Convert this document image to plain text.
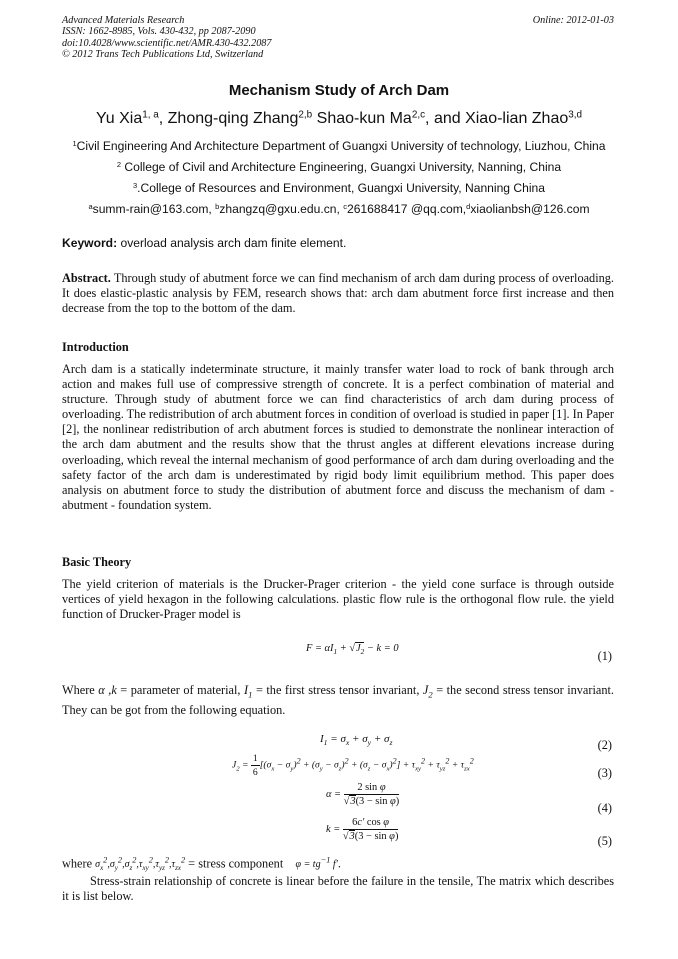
Advanced Materials Research
ISSN: 1662-8985, Vols. 430-432, pp 2087-2090
doi:10.4028/www.scientific.net/AMR.430-432.2087
© 2012 Trans Tech Publications Ltd, Switzerland
Online: 2012-01-03
Mechanism Study of Arch Dam
Yu Xia$^{1, a}$, Zhong-qing Zhang$^{2,b}$ Shao-kun Ma$^{2,c}$, and Xiao-lian Zhao$^{3,d}$
$^1$Civil Engineering And Architecture Department of Guangxi University of technology, Liuzhou, China
$^2$ College of Civil and Architecture Engineering, Guangxi University, Nanning, China
$^3$.College of Resources and Environment, Guangxi University, Nanning China
$^a$summ-rain@163.com, $^b$zhangzq@gxu.edu.cn, $^c$261688417 @qq.com,$^d$xiaolianbsh@126.com
Keyword: overload analysis arch dam finite element.
Abstract. Through study of abutment force we can find mechanism of arch dam during process of overloading. It does elastic-plastic analysis by FEM, research shows that: arch dam abutment force first increase and then decrease from the top to the bottom of the dam.
Introduction
Arch dam is a statically indeterminate structure, it mainly transfer water load to rock of bank through arch action and makes full use of compressive strength of concrete. It is a perfect combination of material and structure. Through study of abutment force we can find characteristics of arch dam during process of overloading. The redistribution of arch abutment forces in condition of overload is studied in paper [1]. In Paper [2], the nonlinear redistribution of arch abutment forces is studied to demonstrate the nonlinear interaction of the arch dam abutment and the results show that the thrust angles at different elevations increase during overloading, which reveal the internal mechanism of good performance of arch dam during overloading and the safety factor of the arch dam is underestimated by rigid body limit equilibrium method. This paper does analysis on abutment force to study the distribution of abutment force and discuss the mechanism of dam - abutment - foundation system.
Basic Theory
The yield criterion of materials is the Drucker-Prager criterion - the yield cone surface is through outside vertices of yield hexagon in the following calculations. plastic flow rule is the orthogonal flow rule. the yield function of Drucker-Prager model is
$F = \alpha I_1 + √J_2 - k = 0$
(1)
Where α ,k = parameter of material, $I_1$ = the first stress tensor invariant, $J_2$ = the second stress tensor invariant. They can be got from the following equation.
$I_1 = \sigma_x + \sigma_y + \sigma_z$	(2)
$J_2 = \frac{1}{6} [(\sigma_x - \sigma_y)^2 + (\sigma_y - \sigma_z)^2 + (\sigma_z - \sigma_x)^2] + \tau_{xy}^2 + \tau_{yz}^2 + \tau_{zx}^2$
(3)
$\alpha = \frac{\text{2 sin φ}}{\text{√3(3 − sin φ)}}$
(4)
$k = \frac{\text{6c′ cos φ}}{\text{√3(3 − sin φ)}}$	(5)
where $\sigma_x^2,\sigma_y^2,\sigma_z^2,\tau_{xy}^2,\tau_{yz}^2,\tau_{zx}^2$ = stress component $\varphi = tg^{-1}$ f′.
Stress-strain relationship of concrete is linear before the failure in the tensile, The matrix which describes it is list below.
